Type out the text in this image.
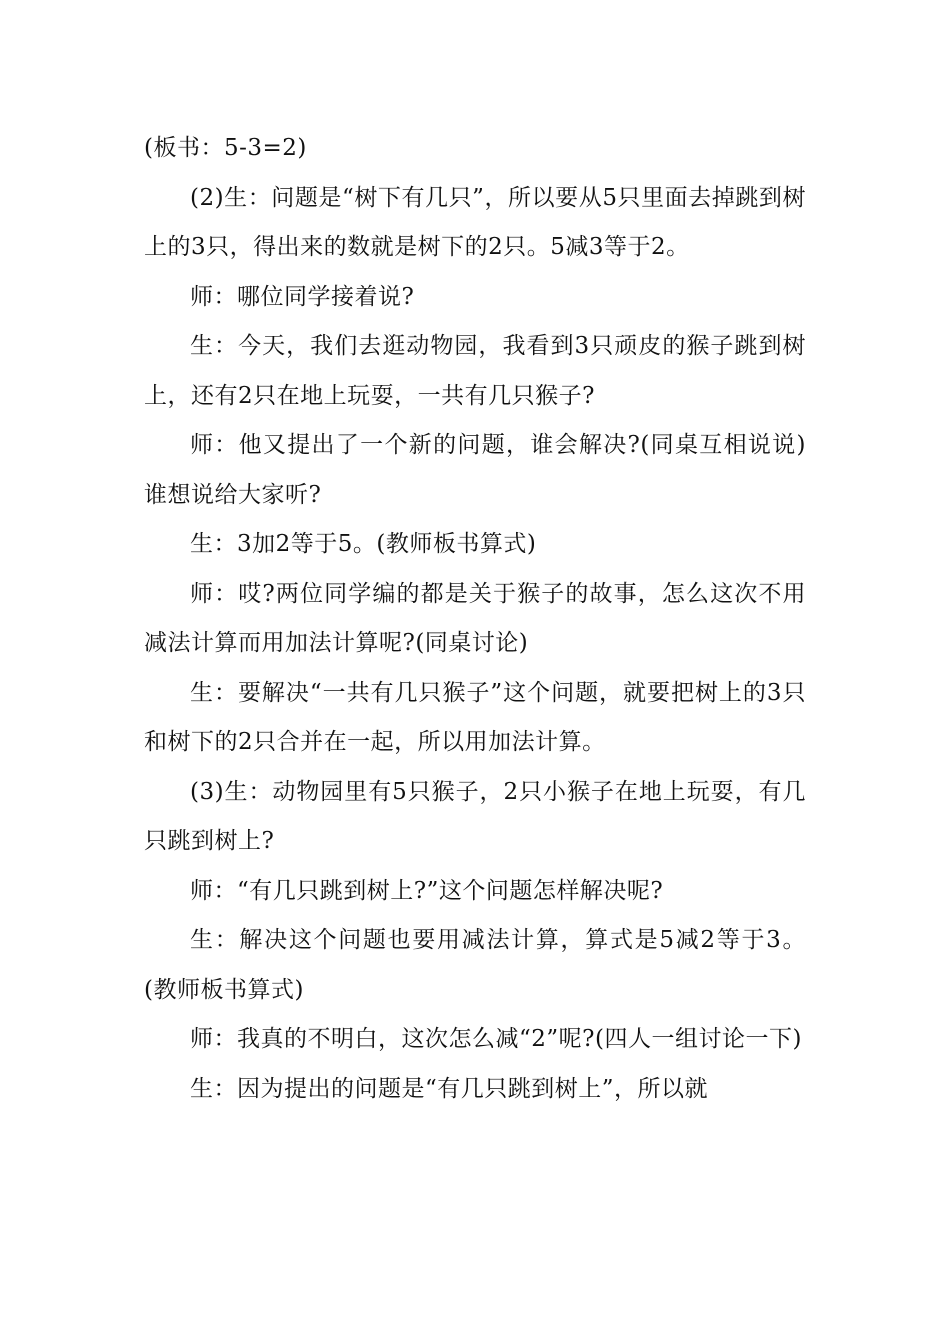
(板书：5-3=2)

(2)生：问题是“树下有几只”，所以要从5只里面去掉跳到树上的3只，得出来的数就是树下的2只。5减3等于2。

师：哪位同学接着说?

生：今天，我们去逛动物园，我看到3只顽皮的猴子跳到树上，还有2只在地上玩耍，一共有几只猴子?

师：他又提出了一个新的问题，谁会解决?(同桌互相说说)谁想说给大家听?

生：3加2等于5。(教师板书算式)

师：哎?两位同学编的都是关于猴子的故事，怎么这次不用减法计算而用加法计算呢?(同桌讨论)

生：要解决“一共有几只猴子”这个问题，就要把树上的3只和树下的2只合并在一起，所以用加法计算。

(3)生：动物园里有5只猴子，2只小猴子在地上玩耍，有几只跳到树上?

师：“有几只跳到树上?”这个问题怎样解决呢?

生：解决这个问题也要用减法计算，算式是5减2等于3。(教师板书算式)

师：我真的不明白，这次怎么减“2”呢?(四人一组讨论一下)

生：因为提出的问题是“有几只跳到树上”，所以就
